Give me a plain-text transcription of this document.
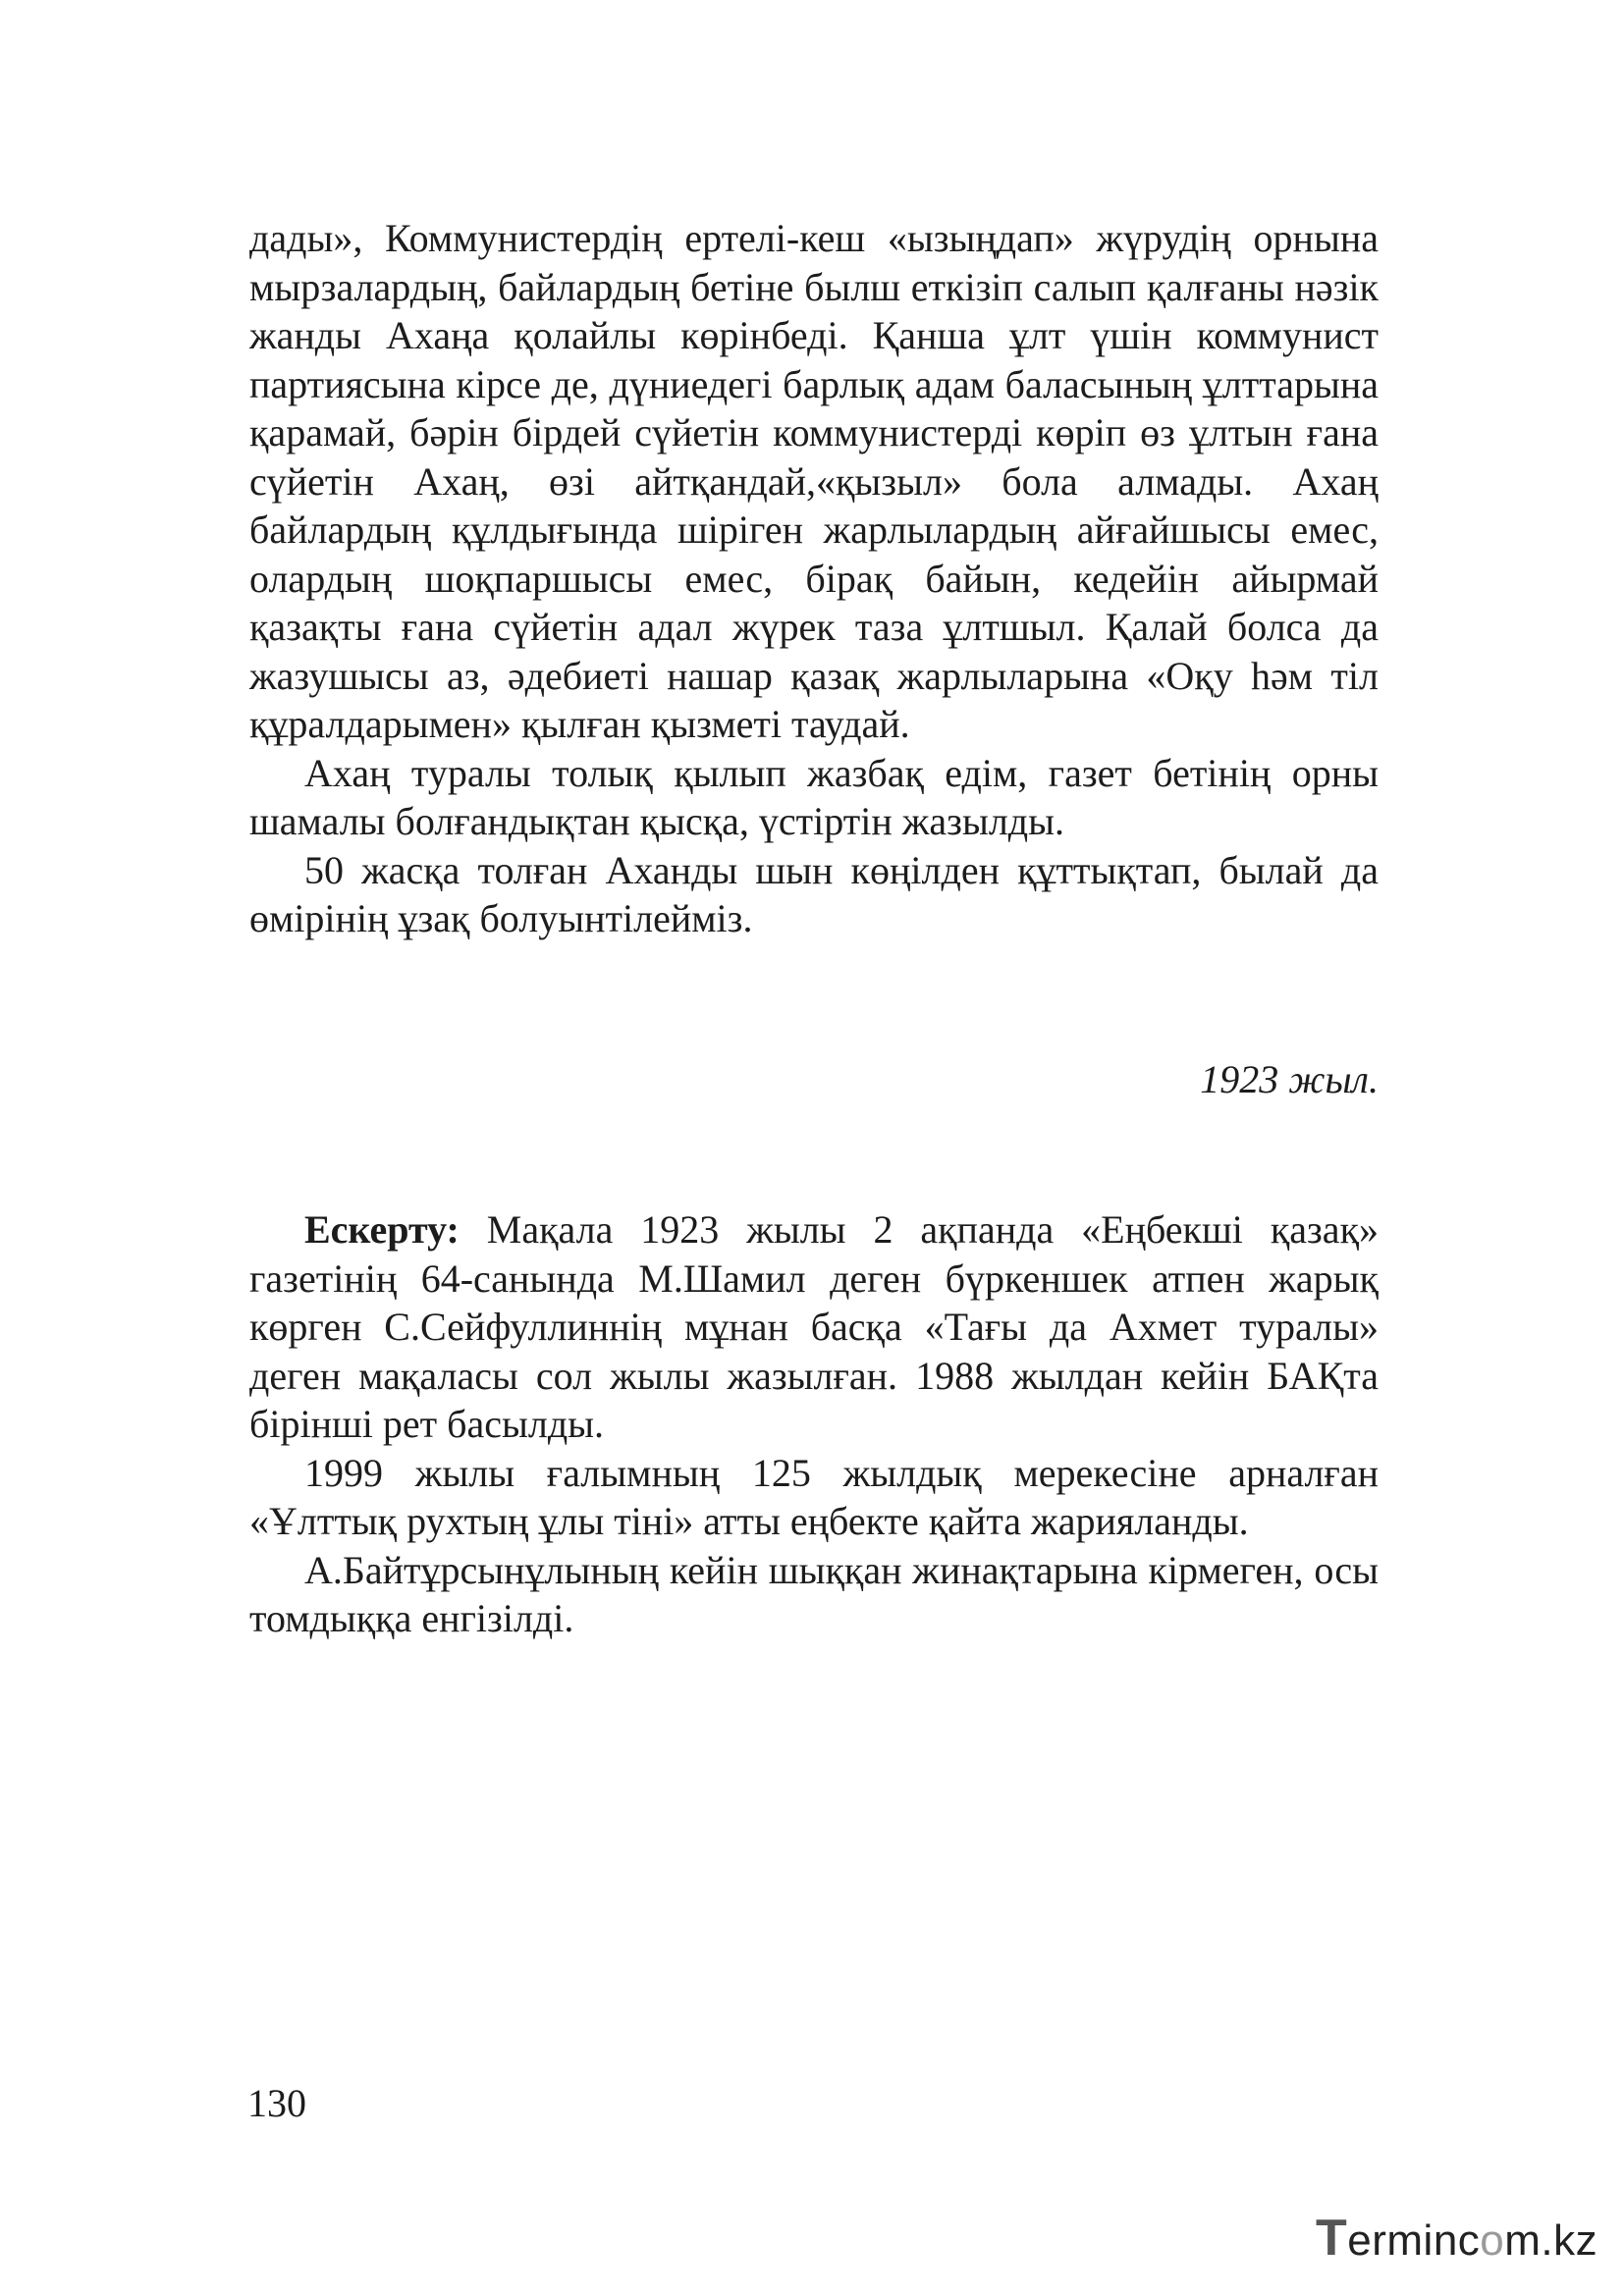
дады», Коммунистердің ертелі-кеш «ызыңдап» жүрудің орнына мырзалардың, байлардың бетіне былш еткізіп салып қалғаны нәзік жанды Ахаңа қолайлы көрінбеді. Қанша ұлт үшін коммунист партиясына кірсе де, дүниедегі барлық адам баласының ұлттарына қарамай, бәрін бірдей сүйетін коммунистерді көріп өз ұлтын ғана сүйетін Ахаң, өзі айтқандай,«қызыл» бола алмады. Ахаң байлардың құлдығында шіріген жарлылардың айғайшысы емес, олардың шоқпаршысы емес, бірақ байын, кедейін айырмай қазақты ғана сүйетін адал жүрек таза ұлтшыл. Қалай болса да жазушысы аз, әдебиеті нашар қазақ жарлыларына «Оқу һәм тіл құралдарымен» қылған қызметі таудай.

Ахаң туралы толық қылып жазбақ едім, газет бетінің орны шамалы болғандықтан қысқа, үстіртін жазылды.

50 жасқа толған Аханды шын көңілден құттықтап, былай да өмірінің ұзақ болуынтілейміз.

1923 жыл.

Ескерту: Мақала 1923 жылы 2 ақпанда «Еңбекші қазақ» газетінің 64-санында М.Шамил деген бүркеншек атпен жарық көрген С.Сейфуллиннің мұнан басқа «Тағы да Ахмет туралы» деген мақаласы сол жылы жазылған. 1988 жылдан кейін БАҚта бірінші рет басылды.

1999 жылы ғалымның 125 жылдық мерекесіне арналған «Ұлттық рухтың ұлы тіні» атты еңбекте қайта жарияланды.

А.Байтұрсынұлының кейін шыққан жинақтарына кірмеген, осы томдыққа енгізілді.

130
Termincom.kz
